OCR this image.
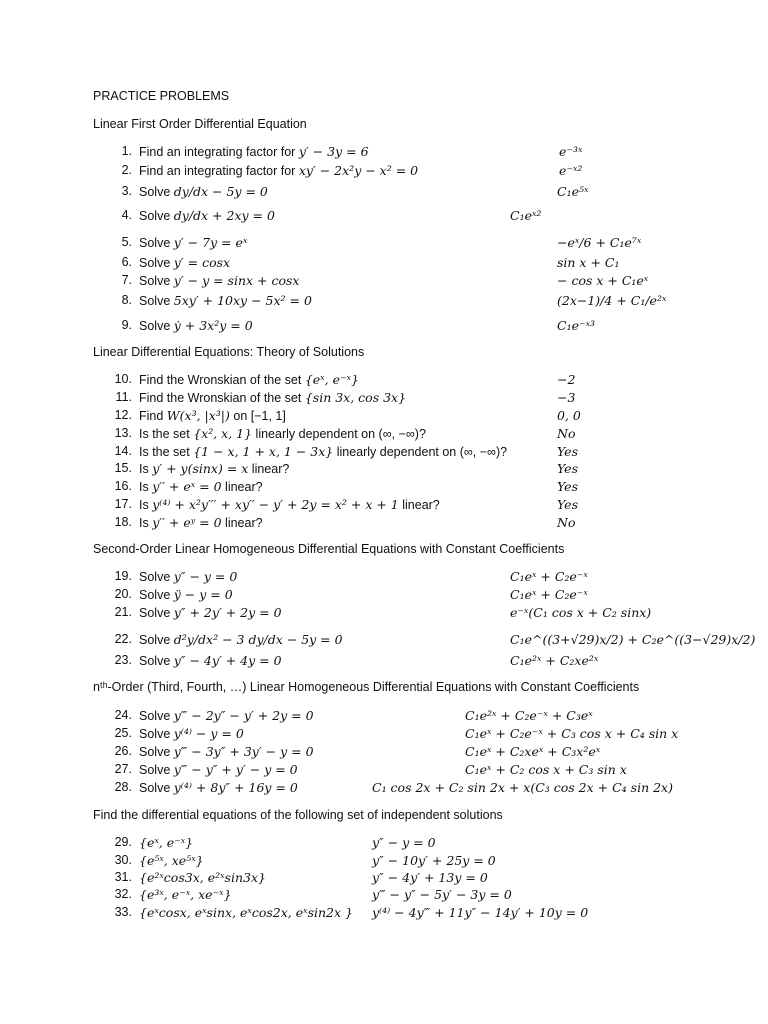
PRACTICE PROBLEMS
Linear First Order Differential Equation
1. Find an integrating factor for y′ − 3y = 6	e⁻³ˣ
2. Find an integrating factor for xy′ − 2x²y − x² = 0	e⁻ˣ²
3. Solve dy/dx − 5y = 0	C₁e⁵ˣ
4. Solve dy/dx + 2xy = 0	C₁eˣ²
5. Solve y′ − 7y = eˣ	−eˣ/6 + C₁e⁷ˣ
6. Solve y′ = cosx	sin x + C₁
7. Solve y′ − y = sinx + cosx	− cos x + C₁eˣ
8. Solve 5xy′ + 10xy − 5x² = 0	(2x−1)/4 + C₁/e²ˣ
9. Solve ẏ + 3x²y = 0	C₁e⁻ˣ³
Linear Differential Equations: Theory of Solutions
10. Find the Wronskian of the set {eˣ, e⁻ˣ}	−2
11. Find the Wronskian of the set {sin 3x, cos 3x}	−3
12. Find W(x³, |x³|) on [−1, 1]	0, 0
13. Is the set {x², x, 1} linearly dependent on (∞, −∞)?	No
14. Is the set {1 − x, 1 + x, 1 − 3x} linearly dependent on (∞, −∞)?	Yes
15. Is y′ + y(sinx) = x linear?	Yes
16. Is y′′ + eˣ = 0 linear?	Yes
17. Is y⁽⁴⁾ + x²y′′′ + xy′′ − y′ + 2y = x² + x + 1 linear?	Yes
18. Is y′′ + eʸ = 0 linear?	No
Second-Order Linear Homogeneous Differential Equations with Constant Coefficients
19. Solve y″ − y = 0	C₁eˣ + C₂e⁻ˣ
20. Solve ÿ − y = 0	C₁eˣ + C₂e⁻ˣ
21. Solve y″ + 2y′ + 2y = 0	e⁻ˣ(C₁ cos x + C₂ sinx)
22. Solve d²y/dx² − 3 dy/dx − 5y = 0	C₁e^((3+√29)x/2) + C₂e^((3−√29)x/2)
23. Solve y″ − 4y′ + 4y = 0	C₁e²ˣ + C₂xe²ˣ
nᵗʰ-Order (Third, Fourth, …) Linear Homogeneous Differential Equations with Constant Coefficients
24. Solve y‴ − 2y″ − y′ + 2y = 0	C₁e²ˣ + C₂e⁻ˣ + C₃eˣ
25. Solve y⁽⁴⁾ − y = 0	C₁eˣ + C₂e⁻ˣ + C₃ cos x + C₄ sin x
26. Solve y‴ − 3y″ + 3y′ − y = 0	C₁eˣ + C₂xeˣ + C₃x²eˣ
27. Solve y‴ − y″ + y′ − y = 0	C₁eˣ + C₂ cos x + C₃ sin x
28. Solve y⁽⁴⁾ + 8y″ + 16y = 0	C₁ cos 2x + C₂ sin 2x + x(C₃ cos 2x + C₄ sin 2x)
Find the differential equations of the following set of independent solutions
29. {eˣ, e⁻ˣ}	y″ − y = 0
30. {e⁵ˣ, xe⁵ˣ}	y″ − 10y′ + 25y = 0
31. {e²ˣcos3x, e²ˣsin3x}	y″ − 4y′ + 13y = 0
32. {e³ˣ, e⁻ˣ, xe⁻ˣ}	y‴ − y″ − 5y′ − 3y = 0
33. {eˣcosx, eˣsinx, eˣcos2x, eˣsin2x } y⁽⁴⁾ − 4y‴ + 11y″ − 14y′ + 10y = 0
